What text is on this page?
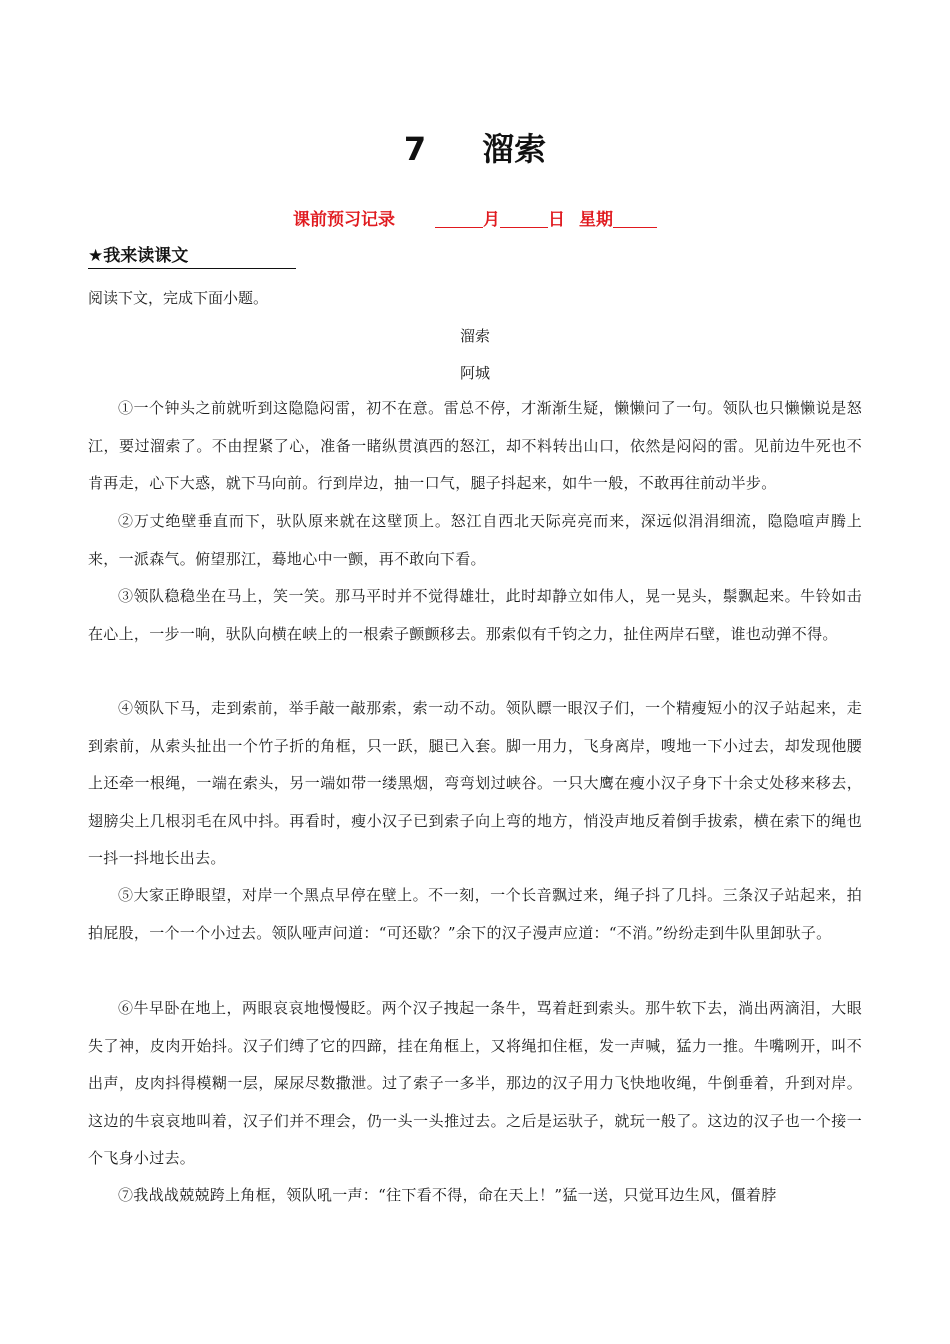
7 溜索
课前预习记录	月	日 星期
★我来读课文
阅读下文，完成下面小题。
溜索
阿城

①一个钟头之前就听到这隐隐闷雷，初不在意。雷总不停，才渐渐生疑，懒懒问了一句。领队也只懒懒说是怒江，要过溜索了。不由捏紧了心，准备一睹纵贯滇西的怒江，却不料转出山口，依然是闷闷的雷。见前边牛死也不肯再走，心下大惑，就下马向前。行到岸边，抽一口气，腿子抖起来，如牛一般，不敢再往前动半步。

②万丈绝壁垂直而下，驮队原来就在这壁顶上。怒江自西北天际亮亮而来，深远似涓涓细流，隐隐喧声腾上来，一派森气。俯望那江，蓦地心中一颤，再不敢向下看。

③领队稳稳坐在马上，笑一笑。那马平时并不觉得雄壮，此时却静立如伟人，晃一晃头，鬃飘起来。牛铃如击在心上，一步一响，驮队向横在峡上的一根索子颤颤移去。那索似有千钧之力，扯住两岸石壁，谁也动弹不得。

④领队下马，走到索前，举手敲一敲那索，索一动不动。领队瞟一眼汉子们，一个精瘦短小的汉子站起来，走到索前，从索头扯出一个竹子折的角框，只一跃，腿已入套。脚一用力，飞身离岸，嗖地一下小过去，却发现他腰上还牵一根绳，一端在索头，另一端如带一缕黑烟，弯弯划过峡谷。一只大鹰在瘦小汉子身下十余丈处移来移去，翅膀尖上几根羽毛在风中抖。再看时，瘦小汉子已到索子向上弯的地方，悄没声地反着倒手拔索，横在索下的绳也一抖一抖地长出去。

⑤大家正睁眼望，对岸一个黑点早停在壁上。不一刻，一个长音飘过来，绳子抖了几抖。三条汉子站起来，拍拍屁股，一个一个小过去。领队哑声问道：“可还歇？”余下的汉子漫声应道：“不消。”纷纷走到牛队里卸驮子。

⑥牛早卧在地上，两眼哀哀地慢慢眨。两个汉子拽起一条牛，骂着赶到索头。那牛软下去，淌出两滴泪，大眼失了神，皮肉开始抖。汉子们缚了它的四蹄，挂在角框上，又将绳扣住框，发一声喊，猛力一推。牛嘴咧开，叫不出声，皮肉抖得模糊一层，屎尿尽数撒泄。过了索子一多半，那边的汉子用力飞快地收绳，牛倒垂着，升到对岸。这边的牛哀哀地叫着，汉子们并不理会，仍一头一头推过去。之后是运驮子，就玩一般了。这边的汉子也一个接一个飞身小过去。

⑦我战战兢兢跨上角框，领队吼一声：“往下看不得，命在天上！”猛一送，只觉耳边生风，僵着脖
